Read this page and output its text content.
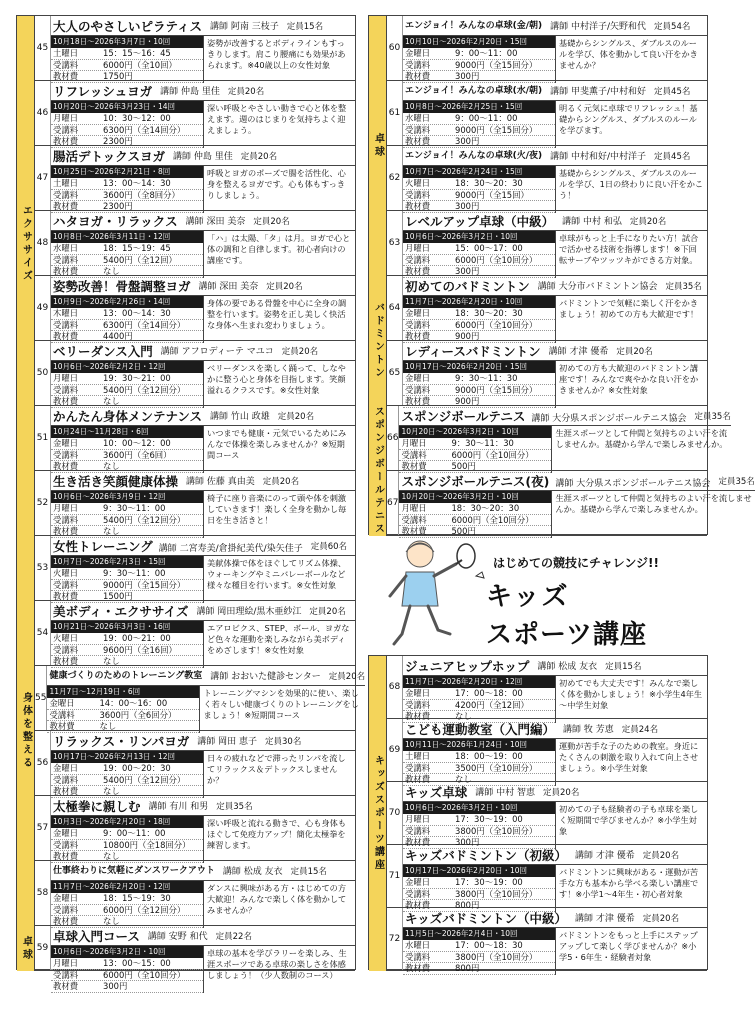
エクササイズ
身体を整える
卓球
45
大人のやさしいピラティス 講師 阿南 三枝子 定員15名
10月18日～2026年3月7日・10回
土曜日	15：15～16：45
受講料	6000円（全10回）
教材費	1750円
姿勢が改善するとボディラインもすっきりします。肩こり腰痛にも効果があられます。※40歳以上の女性対象
46
リフレッシュヨガ 講師 仲島 里佳 定員20名
10月20日～2026年3月23日・14回
月曜日	10：30～12：00
受講料	6300円（全14回分）
教材費	2300円
深い呼吸とやさしい動きで心と体を整えます。週のはじまりを気持ちよく迎えましょう。
47
腸活デトックスヨガ 講師 仲島 里佳 定員20名
10月25日～2026年2月21日・8回
土曜日	13：00～14：30
受講料	3600円（全8回分）
教材費	2300円
呼吸とヨガのポーズで腸を活性化、心身を整えるヨガです。心も体もすっきりしましょう。
48
ハタヨガ・リラックス 講師 深田 美奈 定員20名
10月8日～2026年3月11日・12回
水曜日	18：15～19：45
受講料	5400円（全12回）
教材費	なし
「ハ」は太陽、「タ」は月。ヨガで心と体の調和と自律します。初心者向けの講座です。
49
姿勢改善！骨盤調整ヨガ 講師 深田 美奈 定員20名
10月9日～2026年2月26日・14回
木曜日	13：00～14：30
受講料	6300円（全14回分）
教材費	4400円
身体の要である骨盤を中心に全身の調整を行います。姿勢を正し美しく快活な身体へ生まれ変わりましょう。
50
ベリーダンス入門 講師 アフロディーテ マユコ 定員20名
10月6日～2026年2月2日・12回
月曜日	19：30～21：00
受講料	5400円（全12回分）
教材費	なし
ベリーダンスを楽しく踊って、しなやかに整う心と身体を目指します。笑顔溢れるクラスです。※女性対象
51
かんたん身体メンテナンス 講師 竹山 政雄 定員20名
10月24日～11月28日・6回
金曜日	10：00～12：00
受講料	3600円（全6回）
教材費	なし
いつまでも健康・元気でいるためにみんなで体操を楽しみませんか？※短期間コース
52
生き活き笑顔健康体操 講師 佐藤 真由美 定員20名
10月6日～2026年3月9日・12回
月曜日	9：30～11：00
受講料	5400円（全12回分）
教材費	なし
椅子に座り音楽にのって頭や体を刺激していきます！楽しく全身を動かし毎日を生き活きと！
53
女性トレーニング 講師 二宮寿美/倉掛紀美代/染矢佳子 定員60名
10月7日～2026年2月3日・15回
火曜日	9：30～11：00
受講料	9000円（全15回分）
教材費	1500円
美献体操で体をほぐしてリズム体操、ウォーキングやミニバレーボールなど様々な種目を行います。※女性対象
54
美ボディ・エクササイズ 講師 岡田理絵/黒木亜紗江 定員20名
10月21日～2026年3月3日・16回
火曜日	19：00～21：00
受講料	9600円（全16回）
教材費	なし
エアロビクス、STEP、ボール、ヨガなど色々な運動を楽しみながら美ボディをめざします！※女性対象
55
健康づくりのためのトレーニング教室 講師 おおいた健診センター 定員20名
11月7日～12月19日・6回
金曜日	14：00～16：00
受講料	3600円（全6回分）
教材費	なし
トレーニングマシンを効果的に使い、楽しく若々しい健康づくりのトレーニングをしましょう！※短期間コース
56
リラックス・リンパヨガ 講師 岡田 恵子 定員30名
10月17日～2026年2月13日・12回
金曜日	19：00～20：30
受講料	5400円（全12回分）
教材費	なし
日々の疲れなどで滞ったリンパを流してリラックス＆デトックスしませんか？
57
太極拳に親しむ 講師 有川 和男 定員35名
10月3日～2026年2月20日・18回
金曜日	9：00～11：00
受講料	10800円（全18回分）
教材費	なし
深い呼吸と流れる動きで、心も身体もほぐして免疫力アップ！簡化太極拳を練習します。
58
仕事終わりに気軽にダンスワークアウト 講師 松成 友衣 定員15名
11月7日～2026年2月20日・12回
金曜日	18：15～19：30
受講料	6000円（全12回分）
教材費	なし
ダンスに興味がある方・はじめての方大歓迎！みんなで楽しく体を動かしてみませんか？
59
卓球入門コース 講師 安野 和代 定員22名
10月6日～2026年3月2日・10回
月曜日	13：00～15：00
受講料	6000円（全10回分）
教材費	300円
卓球の基本を学びラリーを楽しみ、生涯スポーツである卓球の楽しさを体感しましょう！（少人数制のコース）
卓球
バドミントン
スポンジボールテニス
60
エンジョイ！みんなの卓球(金/朝) 講師 中村洋子/矢野和代 定員54名
10月10日～2026年2月20日・15回
金曜日	9：00～11：00
受講料	9000円（全15回分）
教材費	300円
基礎からシングルス、ダブルスのルールを学び、体を動かして良い汗をかきませんか？
61
エンジョイ！みんなの卓球(水/朝) 講師 甲斐薫子/中村和好 定員45名
10月8日～2026年2月25日・15回
水曜日	9：00～11：00
受講料	9000円（全15回分）
教材費	300円
明るく元気に卓球でリフレッシュ！基礎からシングルス、ダブルスのルールを学びます。
62
エンジョイ！みんなの卓球(火/夜) 講師 中村和好/中村洋子 定員45名
10月7日～2026年2月24日・15回
火曜日	18：30～20：30
受講料	9000円（全15回）
教材費	300円
基礎からシングルス、ダブルスのルールを学び、1日の終わりに良い汗をかこう！
63
レベルアップ卓球（中級） 講師 中村 和弘 定員20名
10月6日～2026年3月2日・10回
月曜日	15：00～17：00
受講料	6000円（全10回分）
教材費	300円
卓球がもっと上手になりたい方！試合で活かせる技術を指導します！※下回転サーブやツッツキができる方対象。
64
初めてのバドミントン 講師 大分市バドミントン協会 定員35名
11月7日～2026年2月20日・10回
金曜日	18：30～20：30
受講料	6000円（全10回分）
教材費	900円
バドミントンで気軽に楽しく汗をかきましょう！初めての方も大歓迎です！
65
レディースバドミントン 講師 才津 優希 定員20名
10月17日～2026年2月20日・15回
金曜日	9：30～11：30
受講料	9000円（全15回分）
教材費	900円
初めての方も大歓迎のバドミントン講座です！みんなで爽やかな良い汗をかきませんか？※女性対象
66
スポンジボールテニス 講師 大分県スポンジボールテニス協会 定員35名
10月20日～2026年3月2日・10回
月曜日	9：30～11：30
受講料	6000円（全10回分）
教材費	500円
生涯スポーツとして仲間と気持ちのよい汗を流しませんか。基礎から学んで楽しみませんか。
67
スポンジボールテニス(夜) 講師 大分県スポンジボールテニス協会 定員35名
10月20日～2026年3月2日・10回
月曜日	18：30～20：30
受講料	6000円（全10回分）
教材費	500円
生涯スポーツとして仲間と気持ちのよい汗を流しませんか。基礎から学んで楽しみませんか。
はじめての競技にチャレンジ!!
キッズ
スポーツ講座
キッズスポーツ講座
68
ジュニアヒップホップ 講師 松成 友衣 定員15名
11月7日～2026年2月20日・12回
金曜日	17：00～18：00
受講料	4200円（全12回）
教材費	なし
初めてでも大丈夫です！みんなで楽しく体を動かしましょう！※小学生4年生～中学生対象
69
こども運動教室（入門編） 講師 牧 芳恵 定員24名
10月11日～2026年1月24日・10回
土曜日	18：00～19：00
受講料	3500円（全10回分）
教材費	なし
運動が苦手な子のための教室。身近にたくさんの刺激を取り入れて向上させましょう。※小学生対象
70
キッズ卓球 講師 中村 智恵 定員20名
10月6日～2026年3月2日・10回
月曜日	17：30～19：00
受講料	3800円（全10回分）
教材費	300円
初めての子も経験者の子も卓球を楽しく短期間で学びませんか？※小学生対象
71
キッズバドミントン（初級） 講師 才津 優希 定員20名
10月17日～2026年2月20日・10回
金曜日	17：30～19：00
受講料	3800円（全10回分）
教材費	800円
バドミントンに興味がある・運動が苦手な方も基本から学べる楽しい講座です！※小学1～4年生・初心者対象
72
キッズバドミントン（中級） 講師 才津 優希 定員20名
11月5日～2026年2月4日・10回
水曜日	17：00～18：30
受講料	3800円（全10回分）
教材費	800円
バドミントンをもっと上手にステップアップして楽しく学びませんか？※小学5・6年生・経験者対象
